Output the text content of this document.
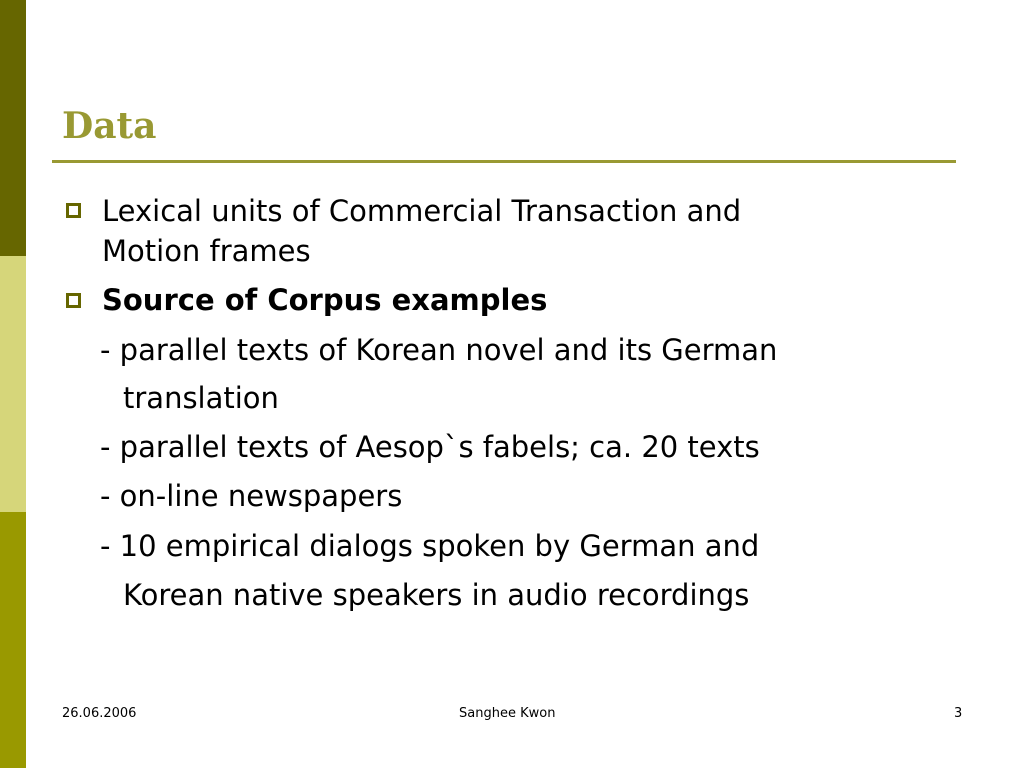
Data

Lexical units of Commercial Transaction and

Motion frames

Source of Corpus examples

- parallel texts of Korean novel and its German

translation

- parallel texts of Aesop`s fabels; ca. 20 texts

- on-line newspapers

- 10 empirical dialogs spoken by German and

Korean native speakers in audio recordings

26.06.2006	Sanghee Kwon	3
